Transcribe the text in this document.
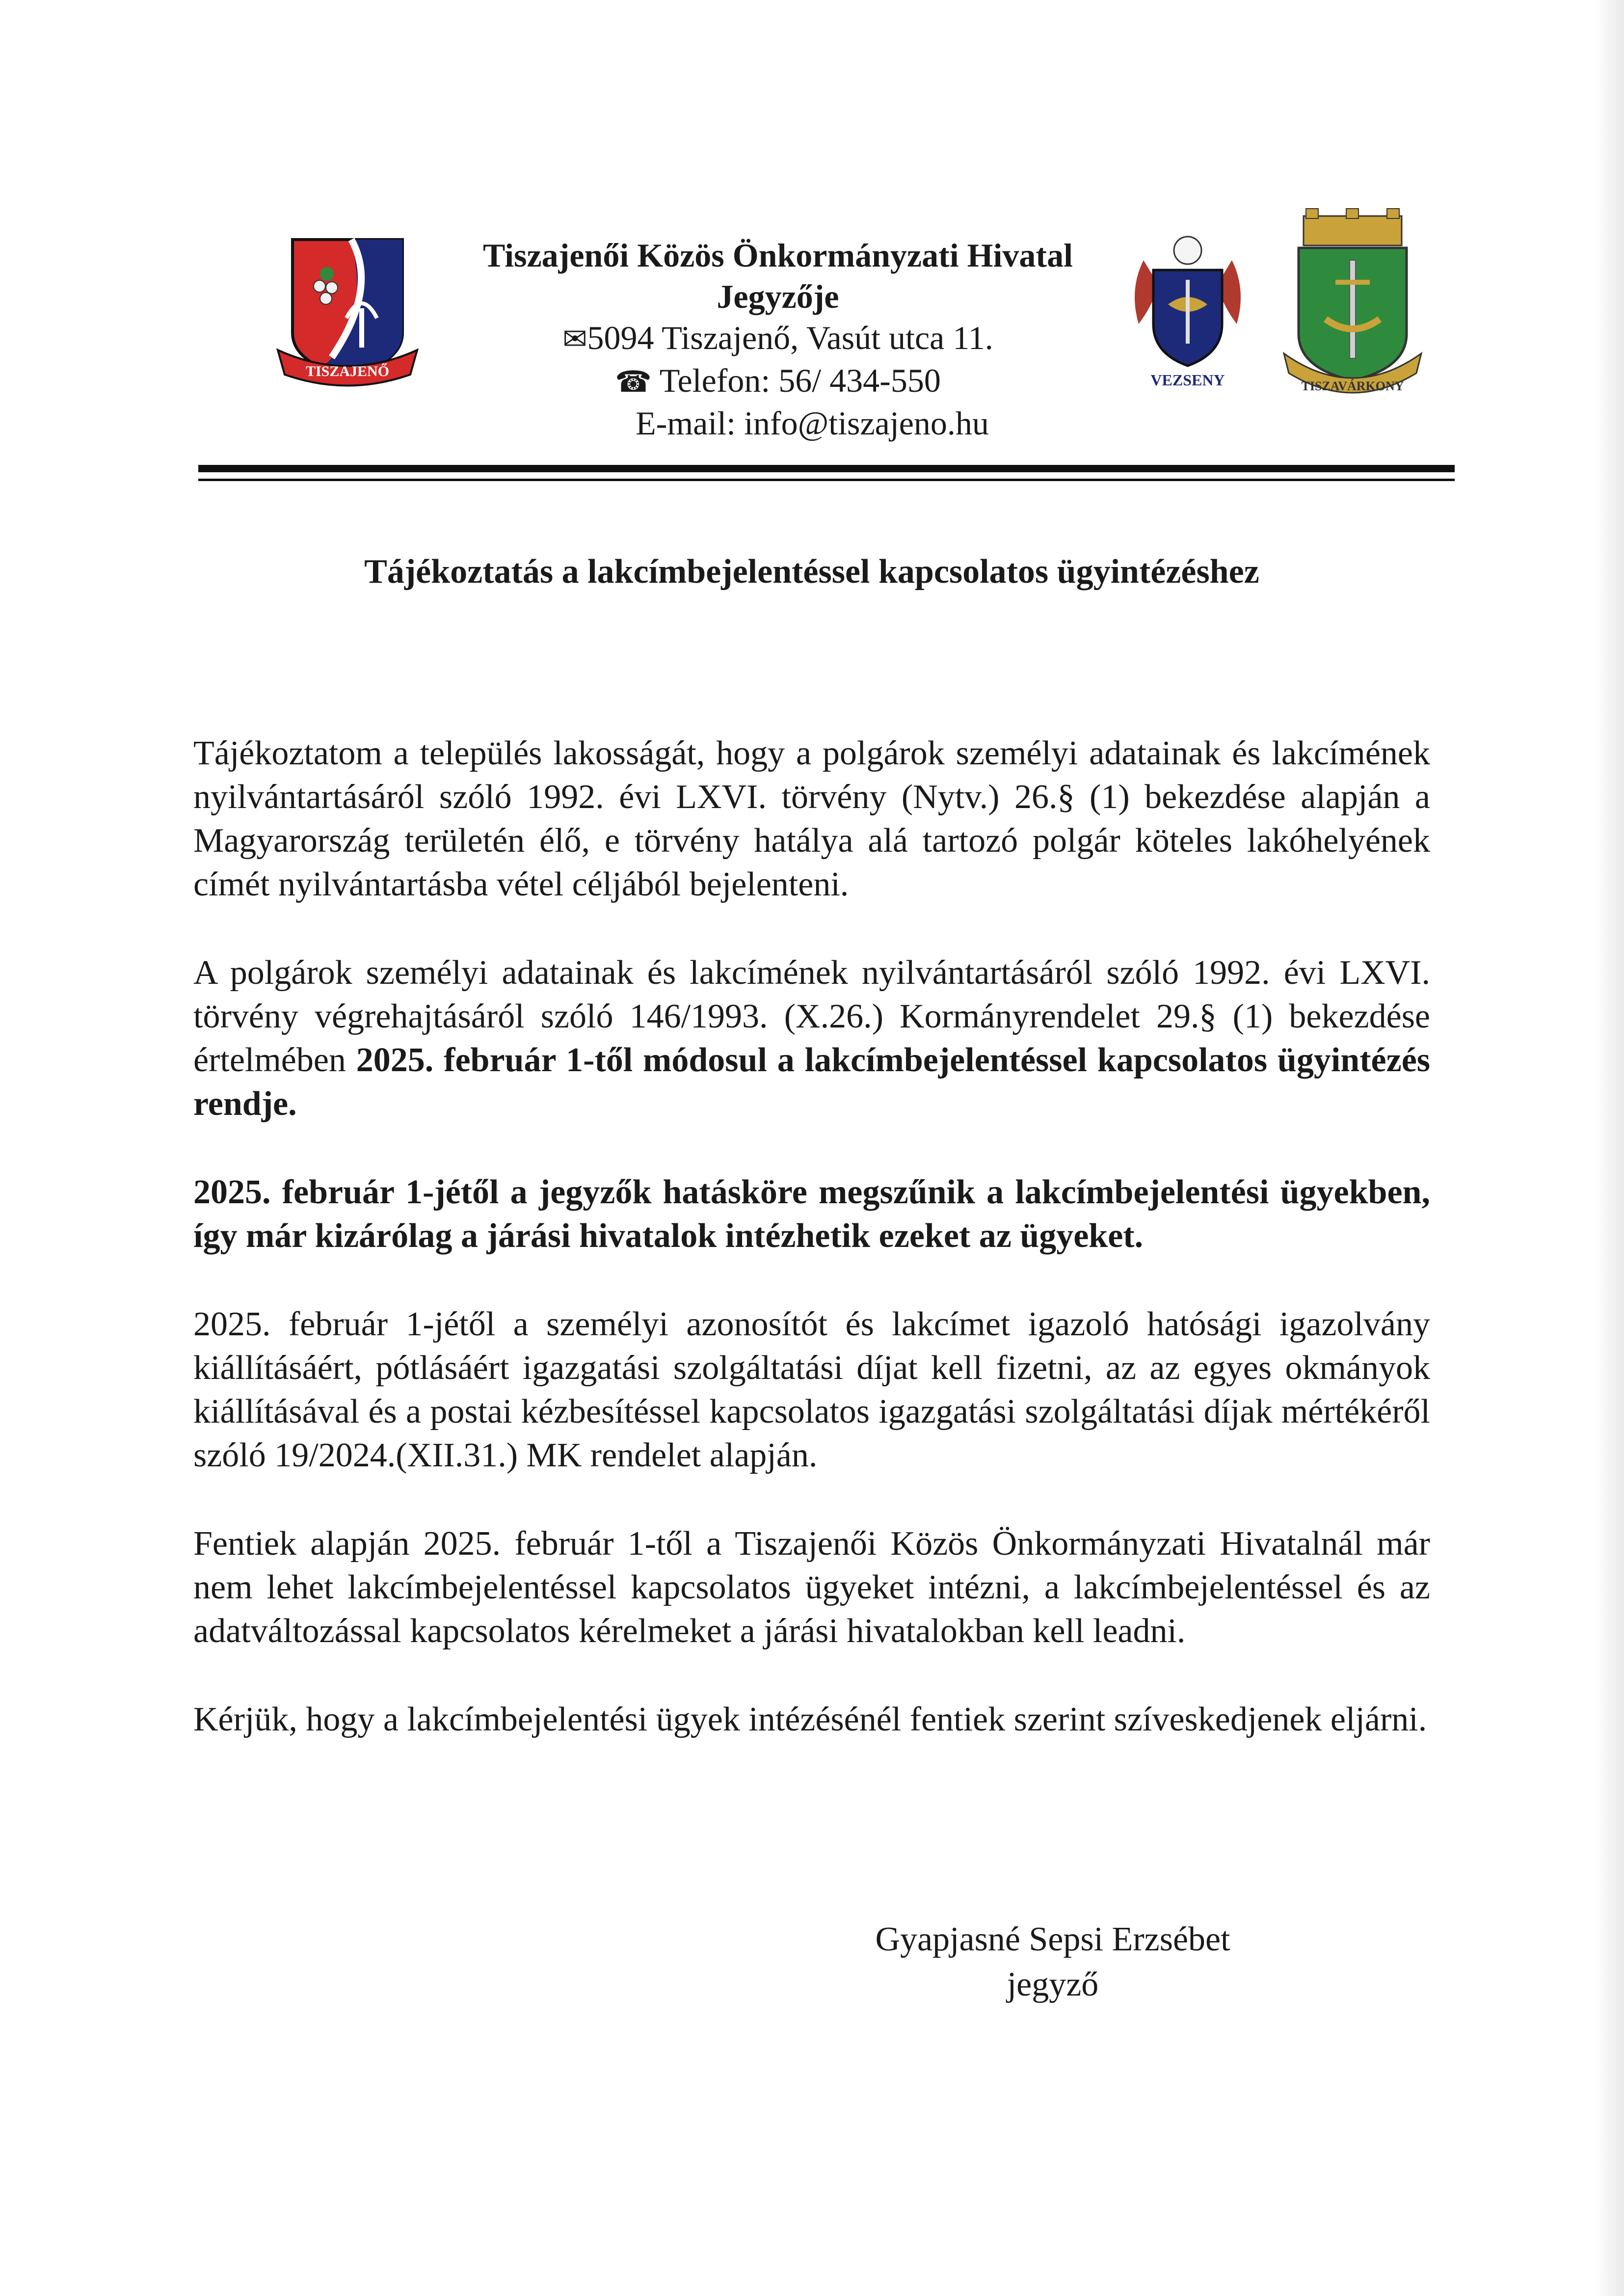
TISZAJENŐ
Tiszajenői Közös Önkormányzati Hivatal
Jegyzője
✉5094 Tiszajenő, Vasút utca 11.
☎ Telefon: 56/ 434-550
E-mail: info@tiszajeno.hu
VEZSENY	TISZAVÁRKONY
Tájékoztatás a lakcímbejelentéssel kapcsolatos ügyintézéshez

Tájékoztatom a település lakosságát, hogy a polgárok személyi adatainak és lakcímének nyilvántartásáról szóló 1992. évi LXVI. törvény (Nytv.) 26.§ (1) bekezdése alapján a Magyarország területén élő, e törvény hatálya alá tartozó polgár köteles lakóhelyének címét nyilvántartásba vétel céljából bejelenteni.

A polgárok személyi adatainak és lakcímének nyilvántartásáról szóló 1992. évi LXVI. törvény végrehajtásáról szóló 146/1993. (X.26.) Kormányrendelet 29.§ (1) bekezdése értelmében 2025. február 1-től módosul a lakcímbejelentéssel kapcsolatos ügyintézés rendje.

2025. február 1-jétől a jegyzők hatásköre megszűnik a lakcímbejelentési ügyekben, így már kizárólag a járási hivatalok intézhetik ezeket az ügyeket.

2025. február 1-jétől a személyi azonosítót és lakcímet igazoló hatósági igazolvány kiállításáért, pótlásáért igazgatási szolgáltatási díjat kell fizetni, az az egyes okmányok kiállításával és a postai kézbesítéssel kapcsolatos igazgatási szolgáltatási díjak mértékéről szóló 19/2024.(XII.31.) MK rendelet alapján.

Fentiek alapján 2025. február 1-től a Tiszajenői Közös Önkormányzati Hivatalnál már nem lehet lakcímbejelentéssel kapcsolatos ügyeket intézni, a lakcímbejelentéssel és az adatváltozással kapcsolatos kérelmeket a járási hivatalokban kell leadni.

Kérjük, hogy a lakcímbejelentési ügyek intézésénél fentiek szerint szíveskedjenek eljárni.

Gyapjasné Sepsi Erzsébet
jegyző
